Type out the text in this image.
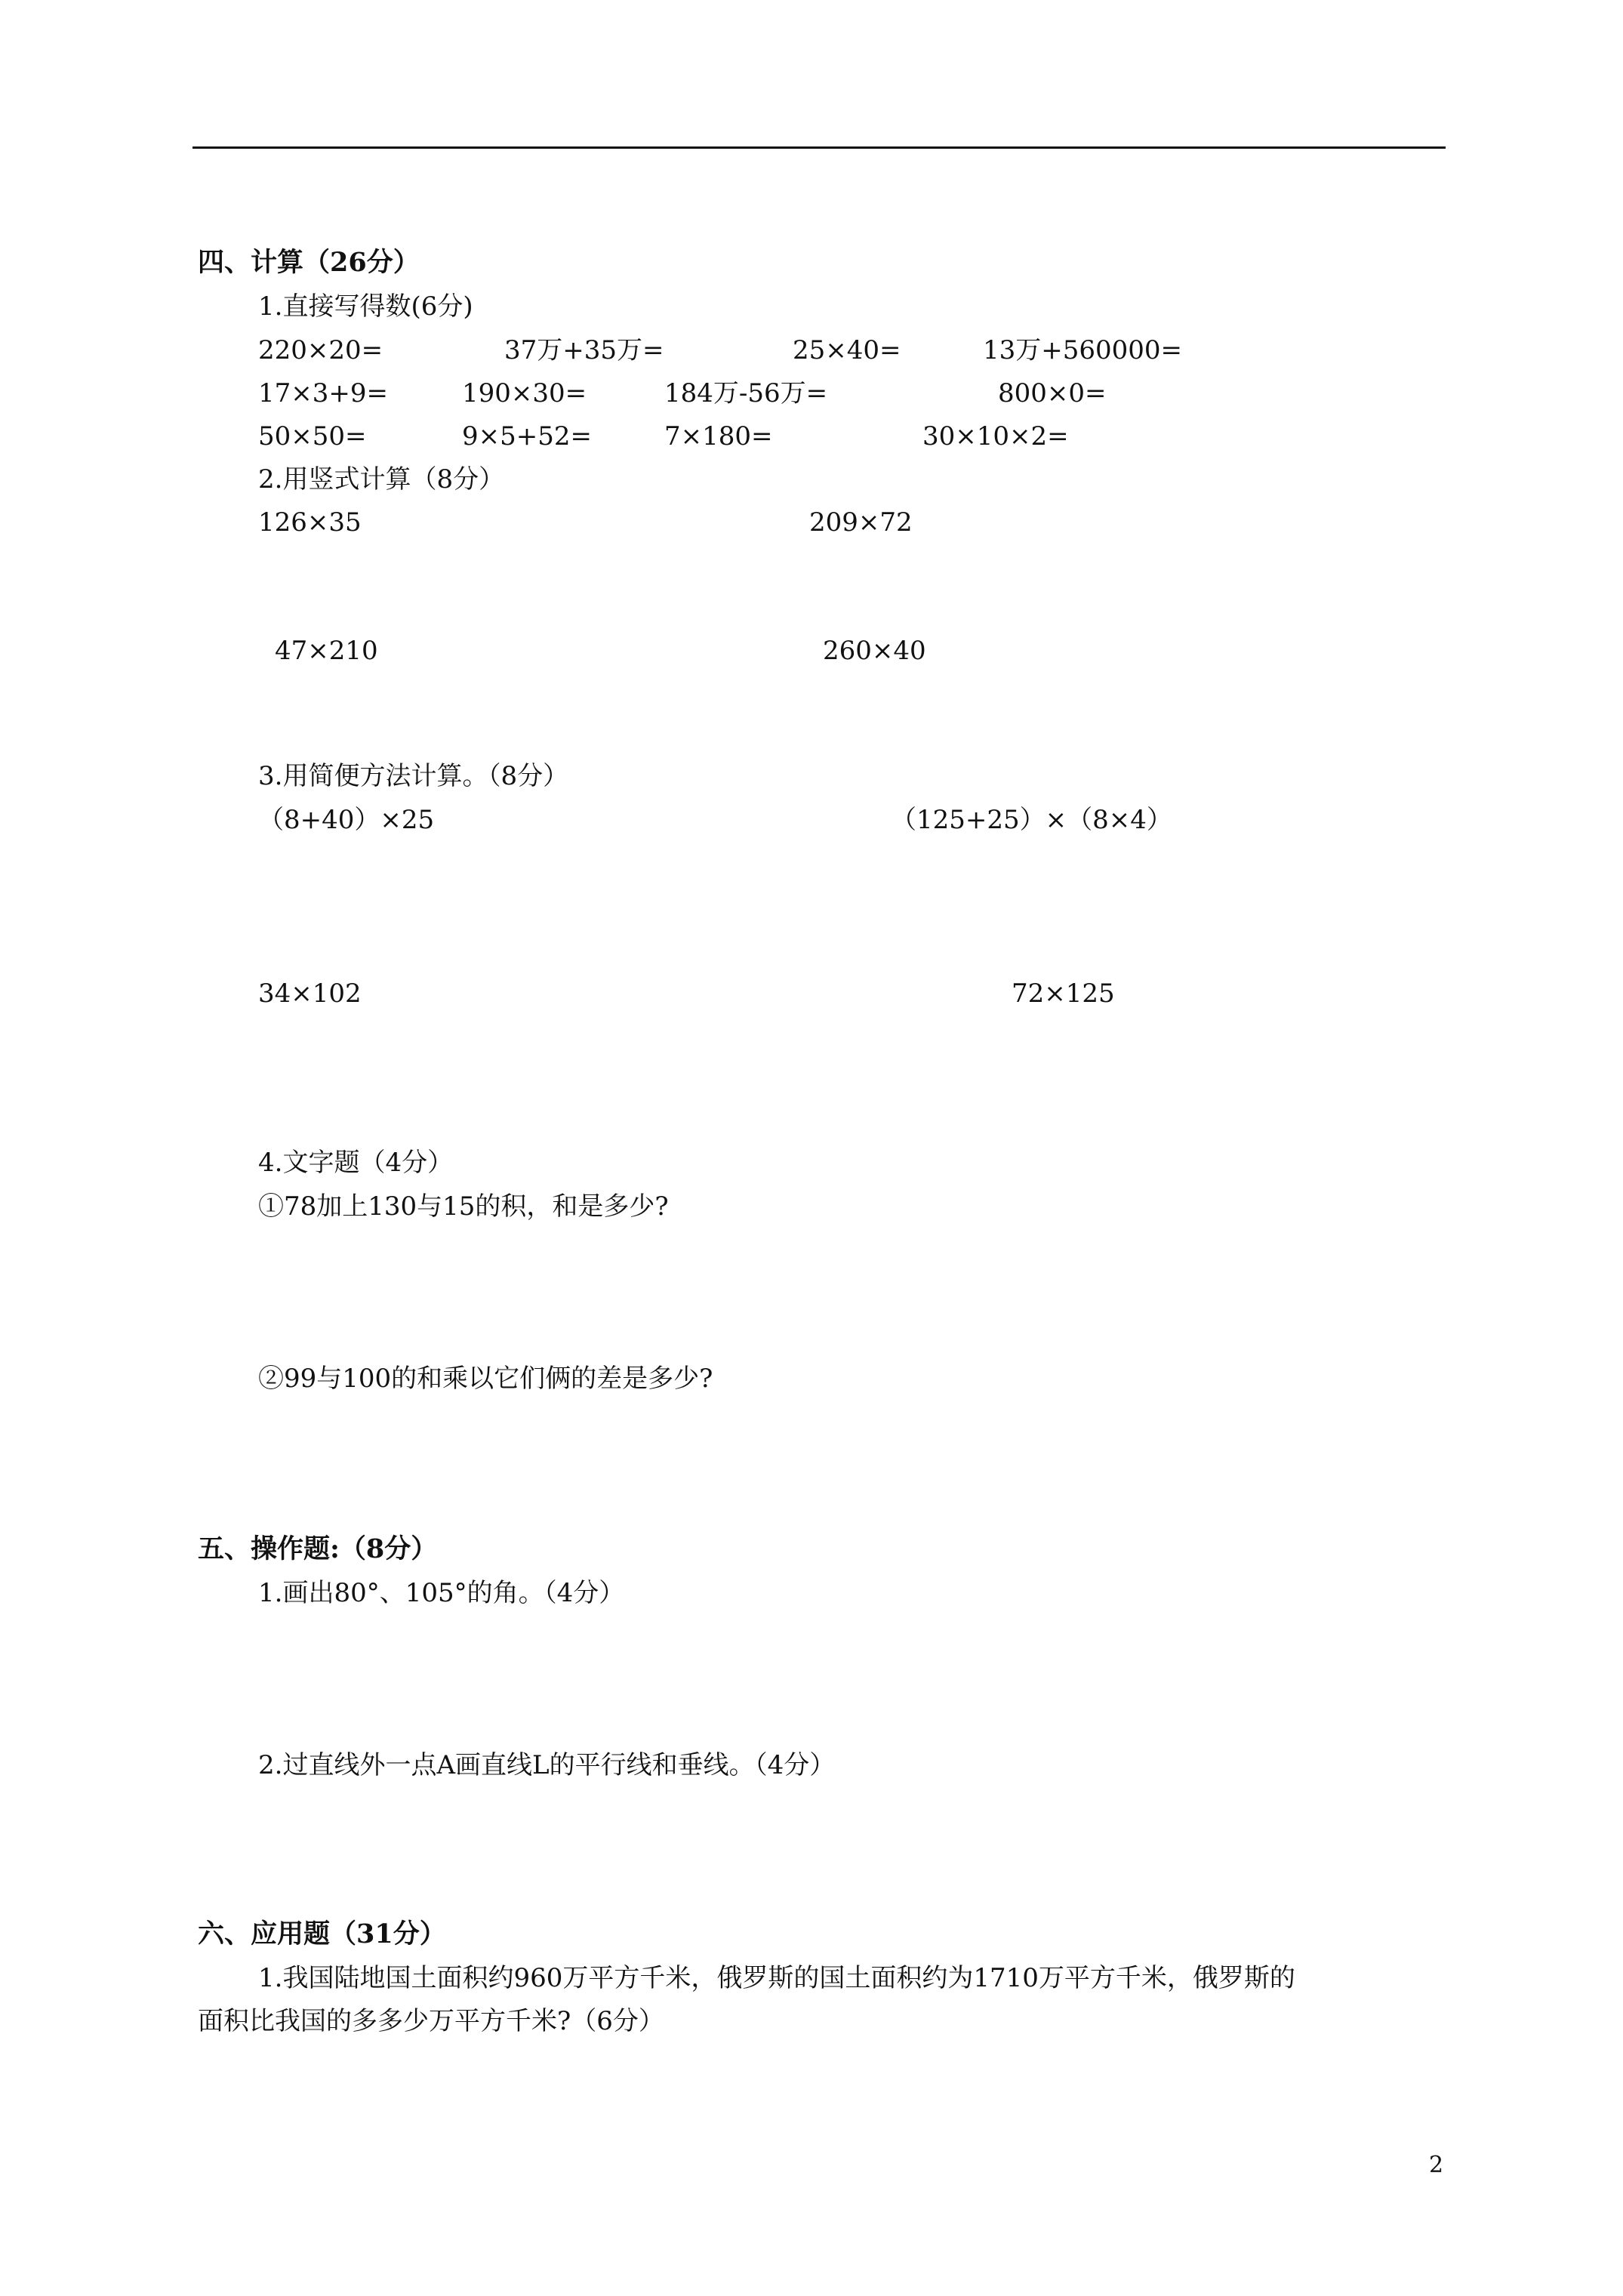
四、计算（26分）
1.直接写得数(6分)
220×20=	37万+35万=	25×40=	13万+560000=
17×3+9=	190×30=	184万-56万=	800×0=
50×50=	9×5+52=	7×180=	30×10×2=
2.用竖式计算（8分）
126×35	209×72
47×210	260×40
3.用简便方法计算。（8分）
（8+40）×25	（125+25）×（8×4）
34×102	72×125
4.文字题（4分）
①78加上130与15的积，和是多少?
②99与100的和乘以它们俩的差是多少?
五、操作题:（8分）
1.画出80°、105°的角。（4分）
2.过直线外一点A画直线L的平行线和垂线。（4分）
六、应用题（31分）
1.我国陆地国土面积约960万平方千米，俄罗斯的国土面积约为1710万平方千米，俄罗斯的
面积比我国的多多少万平方千米?（6分）
2
